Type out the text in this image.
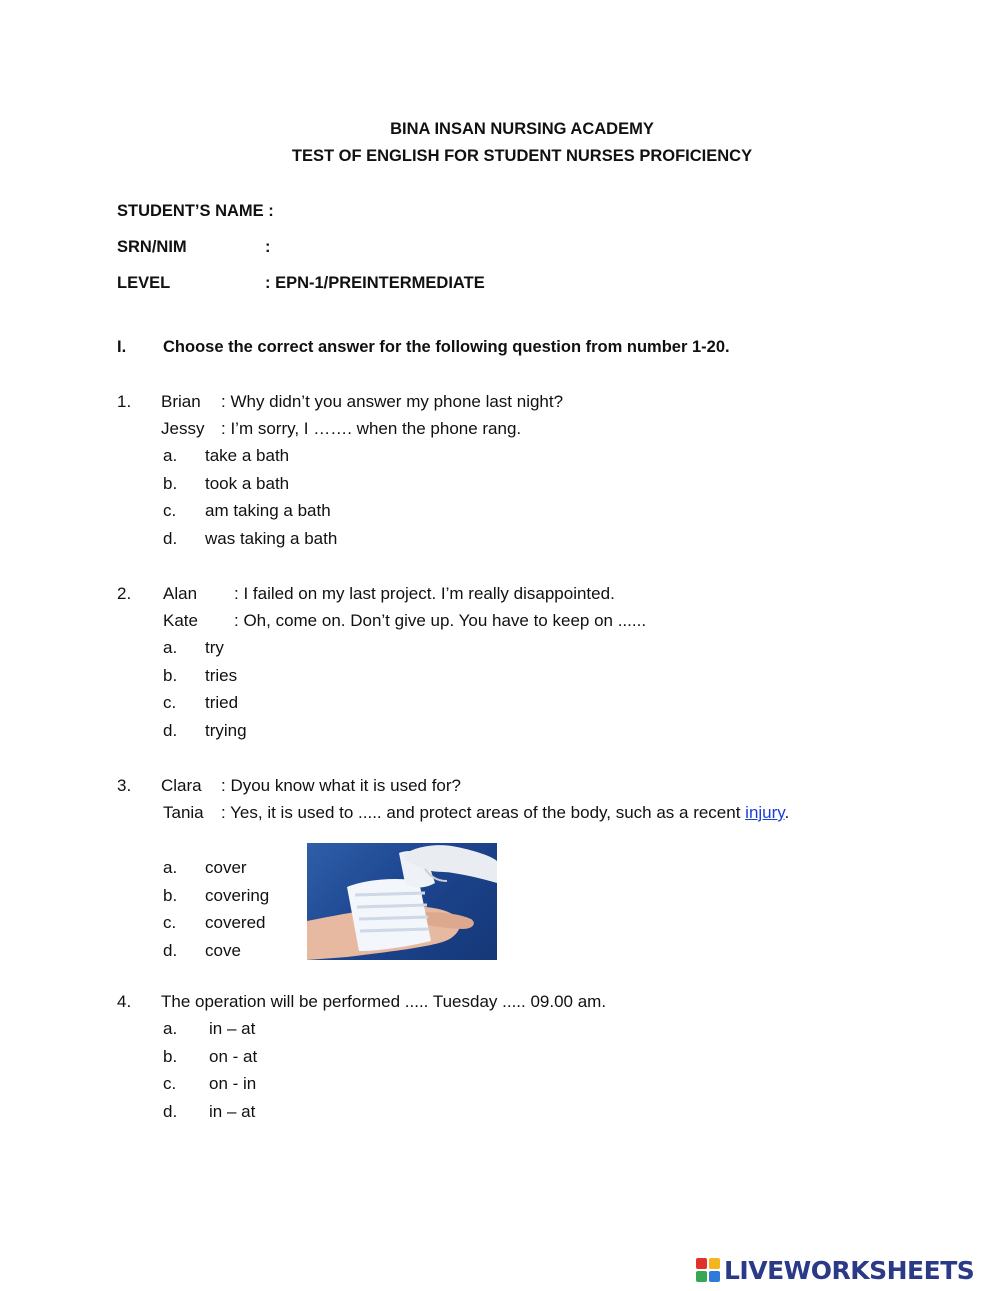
BINA INSAN NURSING ACADEMY
TEST OF ENGLISH FOR STUDENT NURSES PROFICIENCY
STUDENT’S NAME :
SRN/NIM	:
LEVEL	: EPN-1/PREINTERMEDIATE
I. Choose the correct answer for the following question from number 1-20.
1. Brian : Why didn’t you answer my phone last night?
Jessy : I’m sorry, I ……. when the phone rang.
a. take a bath
b. took a bath
c. am taking a bath
d. was taking a bath
2. Alan : I failed on my last project. I’m really disappointed.
Kate : Oh, come on. Don’t give up. You have to keep on ......
a. try
b. tries
c. tried
d. trying
3. Clara : Dyou know what it is used for?
Tania : Yes, it is used to ..... and protect areas of the body, such as a recent injury.
a. cover
b. covering
c. covered
d. cove
4. The operation will be performed ..... Tuesday ..... 09.00 am.
a. in – at
b. on - at
c. on - in
d. in – at
LIVEWORKSHEETS
